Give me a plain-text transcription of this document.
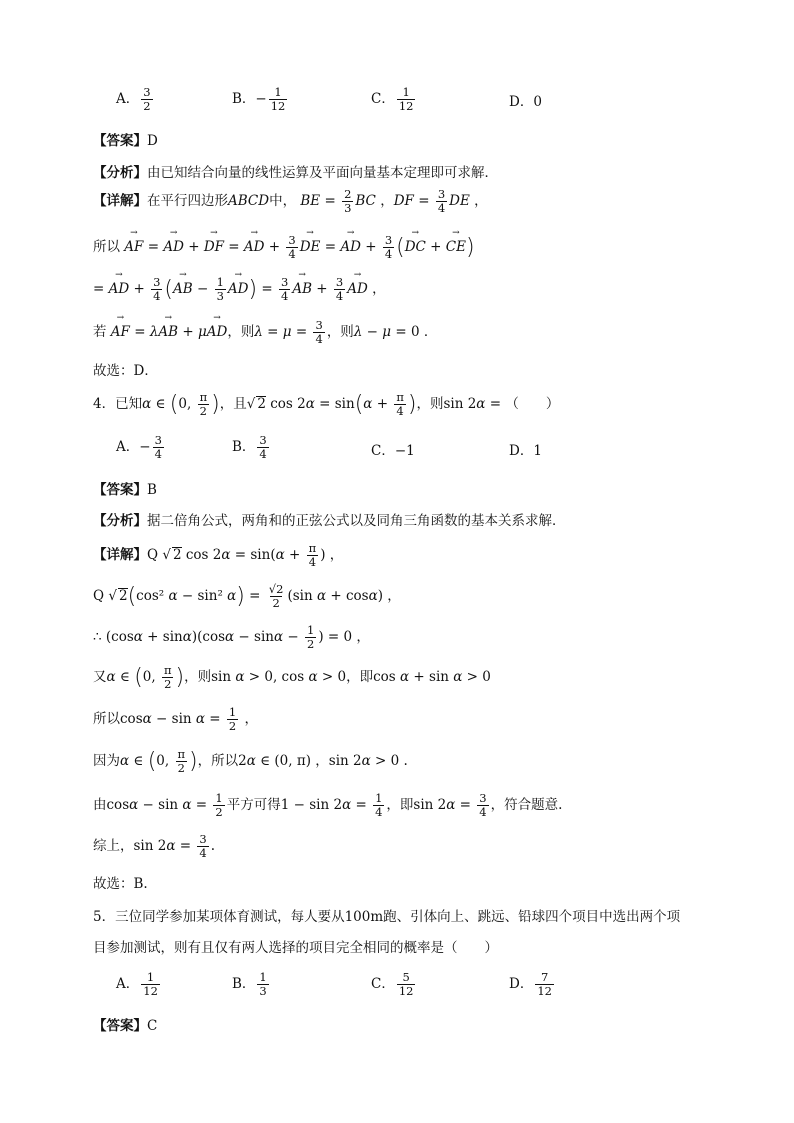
A． $\frac{3}{2}$	B．− $\frac{1}{12}$	C． $\frac{1}{12}$	D．0
【答案】D
【分析】由已知结合向量的线性运算及平面向量基本定理即可求解．
【详解】在平行四边形ABCD中， BE = $\frac{2}{3}$ BC ，DF = $\frac{3}{4}$ DE ，
所以 → AF = → AD + → DF = → AD + $\frac{3}{4}$
→ DE = → AD + $\frac{3}{4}$ (→ DC + → CE)
= → AD + $\frac{3}{4}$ (→ AB − $\frac{1}{3}$
→ $AD) = \frac{3}{4}$
→ AB + $\frac{3}{4}$
→ AD ，
若 → AF = λ→ AB + μ→ AD，则$\lambda = \mu = \frac{3}{4}$ ，则λ − μ = 0 ．
故选：D．
4．已知α ∈ (0, $\frac{\pi}{2}$ )，且√ 2 $\cos 2\alpha = \sin(\alpha + \frac{\pi}{4}$ )，则sin 2α = （　　）
A．− $\frac{3}{4}$	B． $\frac{3}{4}$	C．−1	D．1
【答案】B
【分析】据二倍角公式，两角和的正弦公式以及同角三角函数的基本关系求解．
【详解】Q √ 2 $\cos 2\alpha = \sin(\alpha + \frac{\pi}{4}$ ) ，
Q √ 2(cos² α − sin² $\alpha) = \frac{√2}{2} (\sin$ α + cosα) ，
∴ $(\cos\alpha + \sin\alpha)(\cos\alpha - \sin\alpha - \frac{1}{2}$ ) = 0 ，
又α ∈ (0, $\frac{\pi}{2}$ )，则sin α > 0, cos α > 0，即cos α + sin α > 0
所以$\cos\alpha - \sin \alpha = \frac{1}{2}$ ，
因为α ∈ (0, $\frac{\pi}{2}$ )，所以2α ∈ (0, π) ，sin 2α > 0 .
由$\cos\alpha - \sin \alpha = \frac{1}{2}$ 平方可得$1 - \sin 2\alpha = \frac{1}{4}$ ，即$\sin 2\alpha = \frac{3}{4}$ ，符合题意.
综上，$\sin 2\alpha = \frac{3}{4}$ .
故选：B.
5．三位同学参加某项体育测试，每人要从100m跑、引体向上、跳远、铅球四个项目中选出两个项
目参加测试，则有且仅有两人选择的项目完全相同的概率是（　　）
A． $\frac{1}{12}$	B． $\frac{1}{3}$	C． $\frac{5}{12}$	D． $\frac{7}{12}$
【答案】C
